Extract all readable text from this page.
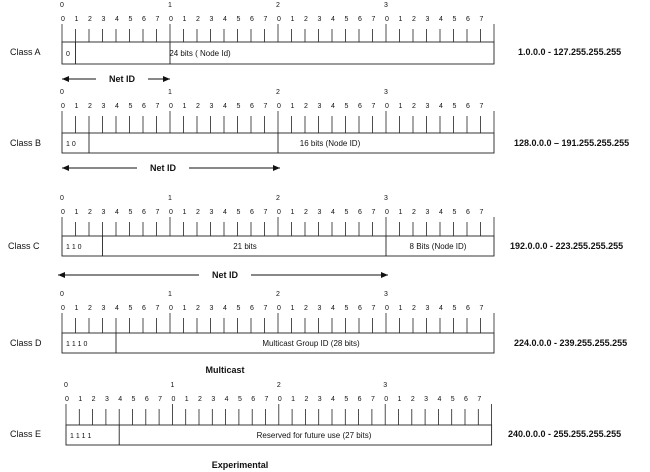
0	1	2	3
0 1 2 3 4 5 6 7 0 1 2 3 4 5 6 7 0 1 2 3 4 5 6 7 0 1 2 3 4 5 6 7
0	24 bits ( Node Id)
Class A	1.0.0.0 - 127.255.255.255
Net ID
0	1	2	3
0 1 2 3 4 5 6 7 0 1 2 3 4 5 6 7 0 1 2 3 4 5 6 7 0 1 2 3 4 5 6 7
1 0	16 bits (Node ID)
Class B	128.0.0.0 – 191.255.255.255
Net ID
0	1	2	3
0 1 2 3 4 5 6 7 0 1 2 3 4 5 6 7 0 1 2 3 4 5 6 7 0 1 2 3 4 5 6 7
1 1 0	21 bits	8 Bits (Node ID)
Class C	192.0.0.0 - 223.255.255.255
Net ID
0	1	2	3
0 1 2 3 4 5 6 7 0 1 2 3 4 5 6 7 0 1 2 3 4 5 6 7 0 1 2 3 4 5 6 7
1 1 1 0	Multicast Group ID (28 bits)
Class D	224.0.0.0 - 239.255.255.255
Multicast
0	1	2	3
0 1 2 3 4 5 6 7 0 1 2 3 4 5 6 7 0 1 2 3 4 5 6 7 0 1 2 3 4 5 6 7
1 1 1 1	Reserved for future use (27 bits)
Class E	240.0.0.0 - 255.255.255.255
Experimental
